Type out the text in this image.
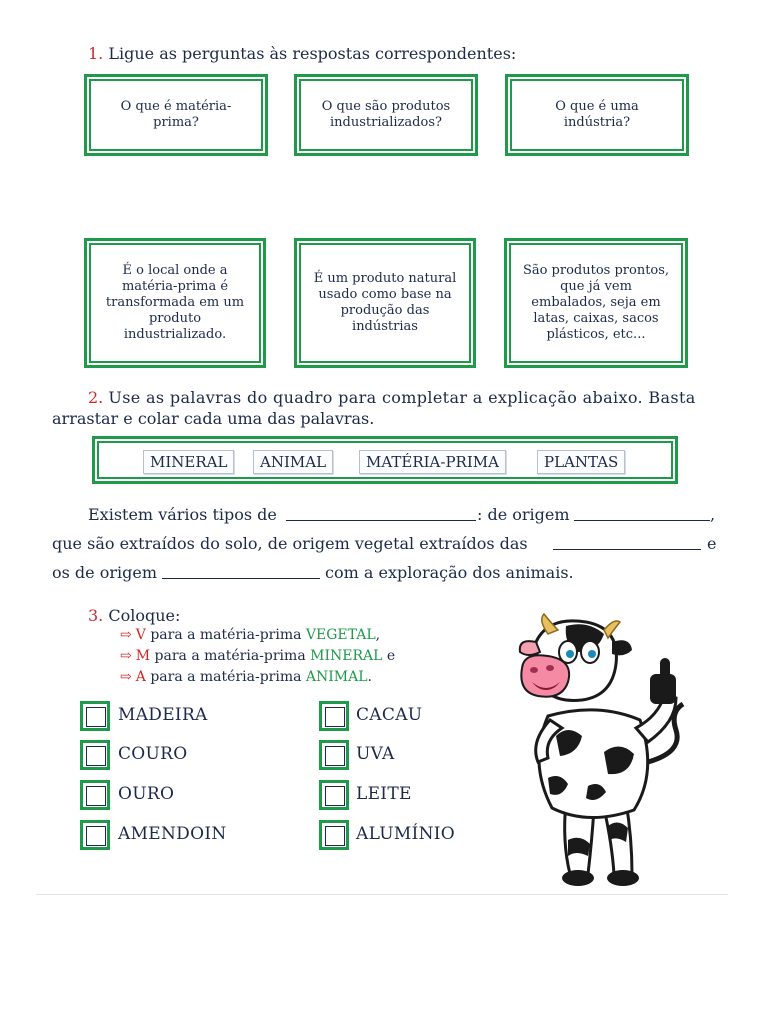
1. Ligue as perguntas às respostas correspondentes:
O que é matéria-prima?
O que são produtos industrializados?
O que é uma indústria?
É o local onde a matéria-prima é transformada em um produto industrializado.
É um produto natural usado como base na produção das indústrias
São produtos prontos, que já vem embalados, seja em latas, caixas, sacos plásticos, etc...
2. Use as palavras do quadro para completar a explicação abaixo. Basta
arrastar e colar cada uma das palavras.
MINERAL	ANIMAL	MATÉRIA-PRIMA	PLANTAS
Existem vários tipos de	: de origem	,
que são extraídos do solo, de origem vegetal extraídos das	e
os de origem	com a exploração dos animais.
3. Coloque:
⇨ V para a matéria-prima VEGETAL,
⇨ M para a matéria-prima MINERAL e
⇨ A para a matéria-prima ANIMAL.
MADEIRA
COURO
OURO
AMENDOIN
CACAU
UVA
LEITE
ALUMÍNIO
